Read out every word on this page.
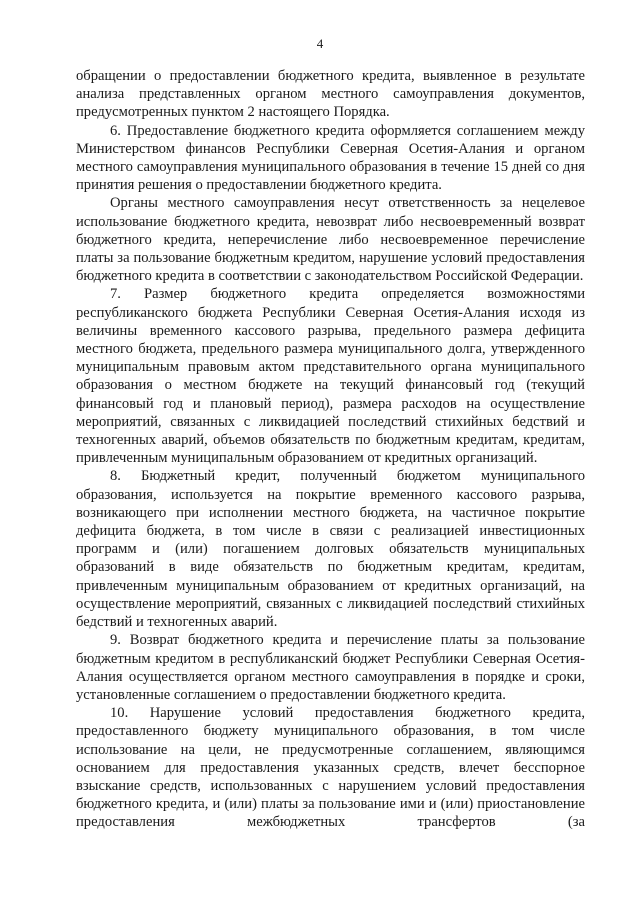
4

обращении о предоставлении бюджетного кредита, выявленное в результате анализа представленных органом местного самоуправления документов, предусмотренных пунктом 2 настоящего Порядка.

6. Предоставление бюджетного кредита оформляется соглашением между Министерством финансов Республики Северная Осетия-Алания и органом местного самоуправления муниципального образования в течение 15 дней со дня принятия решения о предоставлении бюджетного кредита.

Органы местного самоуправления несут ответственность за нецелевое использование бюджетного кредита, невозврат либо несвоевременный возврат бюджетного кредита, неперечисление либо несвоевременное перечисление платы за пользование бюджетным кредитом, нарушение условий предоставления бюджетного кредита в соответствии с законодательством Российской Федерации.

7. Размер бюджетного кредита определяется возможностями республиканского бюджета Республики Северная Осетия-Алания исходя из величины временного кассового разрыва, предельного размера дефицита местного бюджета, предельного размера муниципального долга, утвержденного муниципальным правовым актом представительного органа муниципального образования о местном бюджете на текущий финансовый год (текущий финансовый год и плановый период), размера расходов на осуществление мероприятий, связанных с ликвидацией последствий стихийных бедствий и техногенных аварий, объемов обязательств по бюджетным кредитам, кредитам, привлеченным муниципальным образованием от кредитных организаций.

8. Бюджетный кредит, полученный бюджетом муниципального образования, используется на покрытие временного кассового разрыва, возникающего при исполнении местного бюджета, на частичное покрытие дефицита бюджета, в том числе в связи с реализацией инвестиционных программ и (или) погашением долговых обязательств муниципальных образований в виде обязательств по бюджетным кредитам, кредитам, привлеченным муниципальным образованием от кредитных организаций, на осуществление мероприятий, связанных с ликвидацией последствий стихийных бедствий и техногенных аварий.

9. Возврат бюджетного кредита и перечисление платы за пользование бюджетным кредитом в республиканский бюджет Республики Северная Осетия-Алания осуществляется органом местного самоуправления в порядке и сроки, установленные соглашением о предоставлении бюджетного кредита.

10. Нарушение условий предоставления бюджетного кредита, предоставленного бюджету муниципального образования, в том числе использование на цели, не предусмотренные соглашением, являющимся основанием для предоставления указанных средств, влечет бесспорное взыскание средств, использованных с нарушением условий предоставления бюджетного кредита, и (или) платы за пользование ими и (или) приостановление предоставления межбюджетных трансфертов (за
